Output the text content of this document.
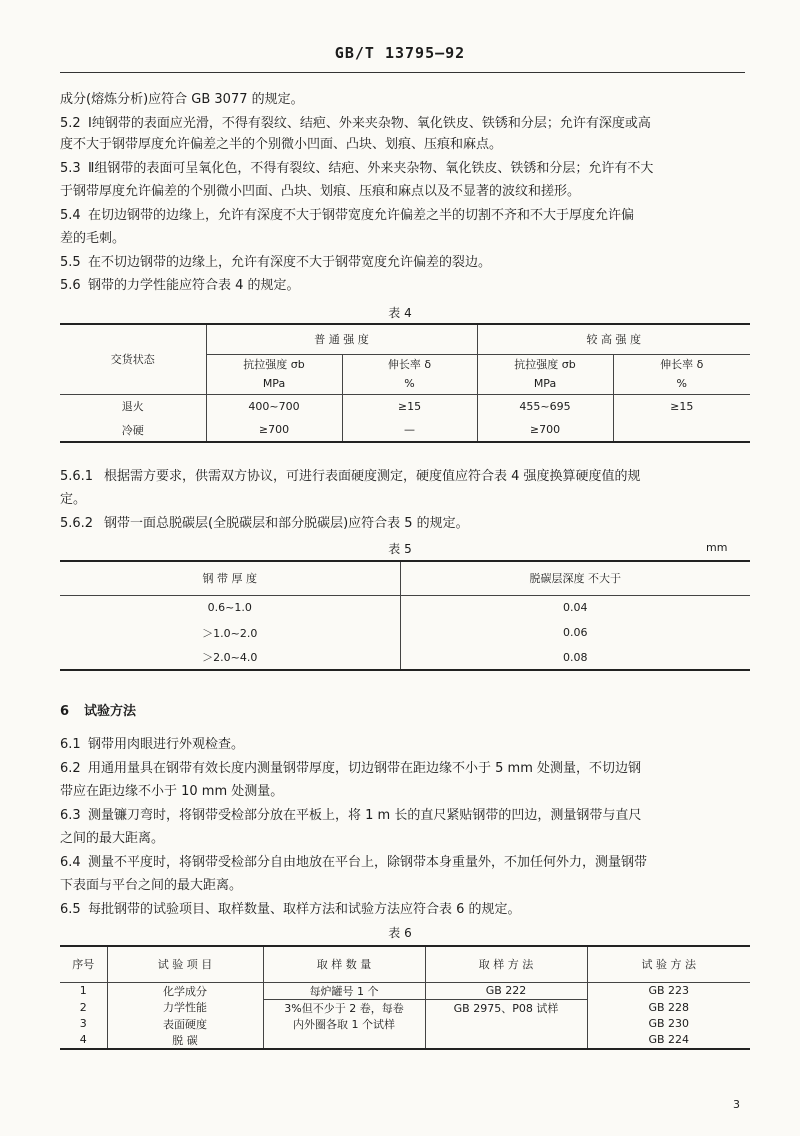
GB/T 13795—92
成分(熔炼分析)应符合 GB 3077 的规定。
5.2 Ⅰ纯钢带的表面应光滑，不得有裂纹、结疤、外来夹杂物、氧化铁皮、铁锈和分层；允许有深度或高
度不大于钢带厚度允许偏差之半的个别微小凹面、凸块、划痕、压痕和麻点。
5.3 Ⅱ组钢带的表面可呈氧化色，不得有裂纹、结疤、外来夹杂物、氧化铁皮、铁锈和分层；允许有不大
于钢带厚度允许偏差的个别微小凹面、凸块、划痕、压痕和麻点以及不显著的波纹和搓形。
5.4 在切边钢带的边缘上，允许有深度不大于钢带宽度允许偏差之半的切割不齐和不大于厚度允许偏
差的毛刺。
5.5 在不切边钢带的边缘上，允许有深度不大于钢带宽度允许偏差的裂边。
5.6 钢带的力学性能应符合表 4 的规定。
表 4
交货状态	普 通 强 度		较 高 强 度	
	抗拉强度 σb	伸长率 δ	抗拉强度 σb	伸长率 δ
	MPa	%	MPa	%
退火	400~700	≥15	455~695	≥15
冷硬	≥700	—	≥700	
5.6.1 根据需方要求，供需双方协议，可进行表面硬度测定，硬度值应符合表 4 强度换算硬度值的规
定。
5.6.2 钢带一面总脱碳层(全脱碳层和部分脱碳层)应符合表 5 的规定。
表 5	mm
钢 带 厚 度	脱碳层深度 不大于
0.6~1.0	0.04
＞1.0~2.0	0.06
＞2.0~4.0	0.08
6 试验方法
6.1 钢带用肉眼进行外观检查。
6.2 用通用量具在钢带有效长度内测量钢带厚度，切边钢带在距边缘不小于 5 mm 处测量，不切边钢
带应在距边缘不小于 10 mm 处测量。
6.3 测量镰刀弯时，将钢带受检部分放在平板上，将 1 m 长的直尺紧贴钢带的凹边，测量钢带与直尺
之间的最大距离。
6.4 测量不平度时，将钢带受检部分自由地放在平台上，除钢带本身重量外，不加任何外力，测量钢带
下表面与平台之间的最大距离。
6.5 每批钢带的试验项目、取样数量、取样方法和试验方法应符合表 6 的规定。
表 6
序号	试 验 项 目	取 样 数 量	取 样 方 法	试 验 方 法
1	化学成分	每炉罐号 1 个	GB 222	GB 223
2	力学性能	3%但不少于 2 卷，每卷	GB 2975、P08 试样	GB 228
3	表面硬度	内外圈各取 1 个试样		GB 230
4	脱 碳			GB 224
3
